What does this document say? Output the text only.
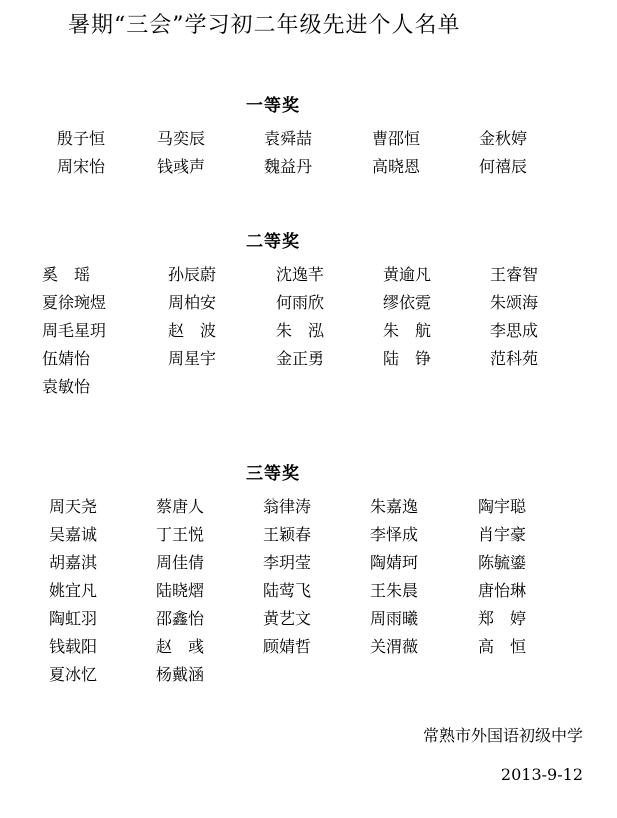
暑期“三会”学习初二年级先进个人名单
一等奖
殷子恒	马奕辰	袁舜喆	曹邵恒	金秋婷
周宋怡	钱彧声	魏益丹	高晓恩	何禧辰
二等奖
奚　瑶	孙辰蔚	沈逸芊	黄逾凡	王睿智
夏徐琬煜	周柏安	何雨欣	缪依霓	朱颂海
周毛星玥	赵　波	朱　泓	朱　航	李思成
伍婧怡	周星宇	金正勇	陆　铮	范科苑
袁敏怡
三等奖
周天尧	蔡唐人	翁律涛	朱嘉逸	陶宇聪
吴嘉诚	丁王悦	王颖春	李怿成	肖宇豪
胡嘉淇	周佳倩	李玥莹	陶婧珂	陈毓鎏
姚宜凡	陆晓熠	陆莺飞	王朱晨	唐怡琳
陶虹羽	邵鑫怡	黄艺文	周雨曦	郑　婷
钱载阳	赵　彧	顾婧哲	关渭薇	高　恒
夏冰忆	杨戴涵
常熟市外国语初级中学
2013-9-12
